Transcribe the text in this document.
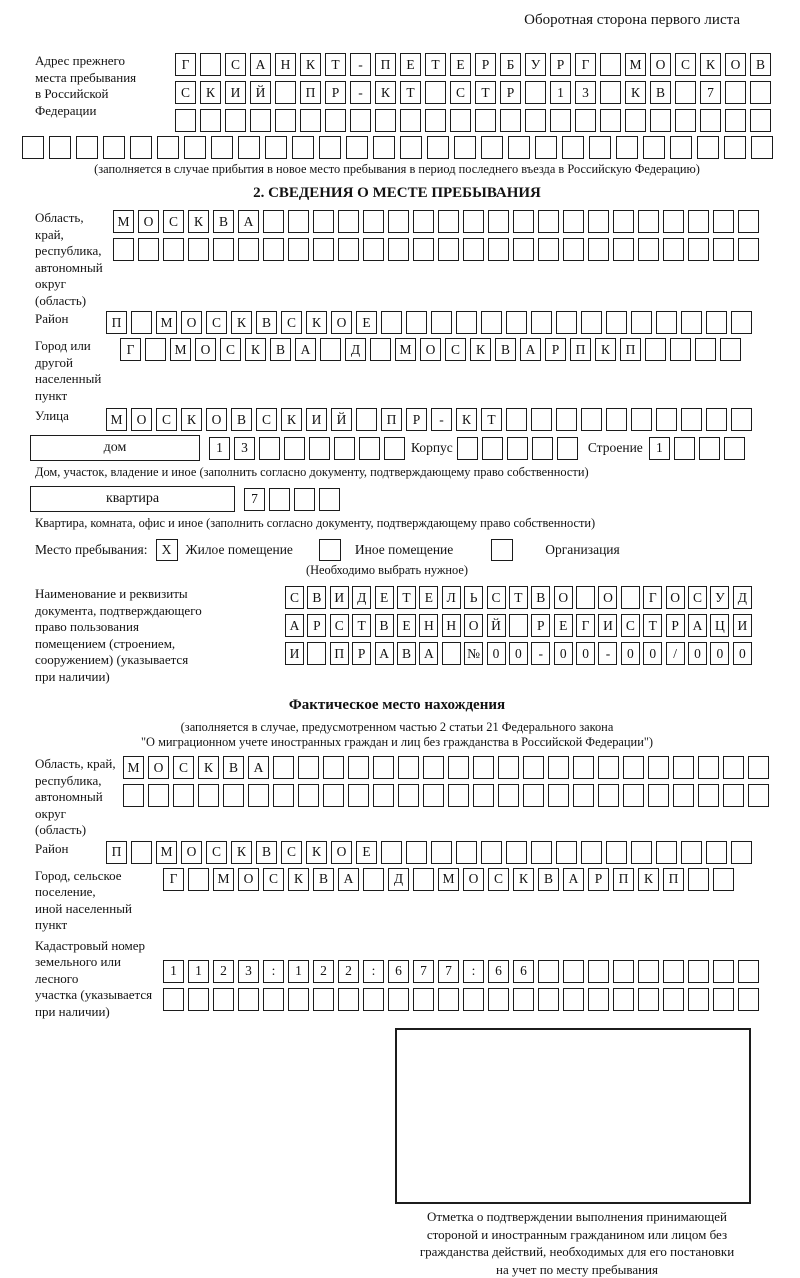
Оборотная сторона первого листа
Адрес прежнего
места пребывания
в Российской
Федерации
Г	С	А	Н	К	Т	-	П	Е	Т	Е	Р	Б	У	Р	Г	М	О	С	К	О	В
С	К	И	Й	П	Р	-	К	Т	С	Т	Р	1	3	К	В	7
(заполняется в случае прибытия в новое место пребывания в период последнего въезда в Российскую Федерацию)
2. СВЕДЕНИЯ О МЕСТЕ ПРЕБЫВАНИЯ
Область, край,
республика,
автономный
округ (область)
М	О	С	К	В	А
Район	П	М	О	С	К	В	С	К	О	Е
Город или другой
населенный пункт
Г	М	О	С	К	В	А	Д	М	О	С	К	В	А	Р	П	К	П
Улица	М	О	С	К	О	В	С	К	И	Й	П	Р	-	К	Т
дом	1	3	Корпус	Строение 1
Дом, участок, владение и иное (заполнить согласно документу, подтверждающему право собственности)
квартира	7
Квартира, комната, офис и иное (заполнить согласно документу, подтверждающему право собственности)
Место пребывания:	X	Жилое помещение	Иное помещение	Организация
(Необходимо выбрать нужное)
Наименование и реквизиты
документа, подтверждающего
право пользования
помещением (строением,
сооружением) (указывается
при наличии)
С В И Д	Е	Т	Е	Л	Ь	С	Т	В О	О	Г	О С У Д
А	Р	С	Т	В	Е Н Н О Й	Р	Е	Г	И С	Т	Р	А Ц И
И	П	Р	А В А	№ 0	0	-	0	0	-	0	0	/	0	0	0
Фактическое место нахождения
(заполняется в случае, предусмотренном частью 2 статьи 21 Федерального закона
"О миграционном учете иностранных граждан и лиц без гражданства в Российской Федерации")
Область, край,
республика,
автономный округ
(область)
М	О	С	К	В	А
Район	П	М	О	С	К	В	С	К	О	Е
Город, сельское поселение,
иной населенный пункт
Г	М	О	С	К	В	А	Д	М	О	С	К	В	А	Р	П	К	П
Кадастровый номер
земельного или лесного
участка (указывается
при наличии)
1	1	2	3	:	1	2	2	:	6	7	7	:	6	6
Отметка о подтверждении выполнения принимающей
стороной и иностранным гражданином или лицом без
гражданства действий, необходимых для его постановки
на учет по месту пребывания
